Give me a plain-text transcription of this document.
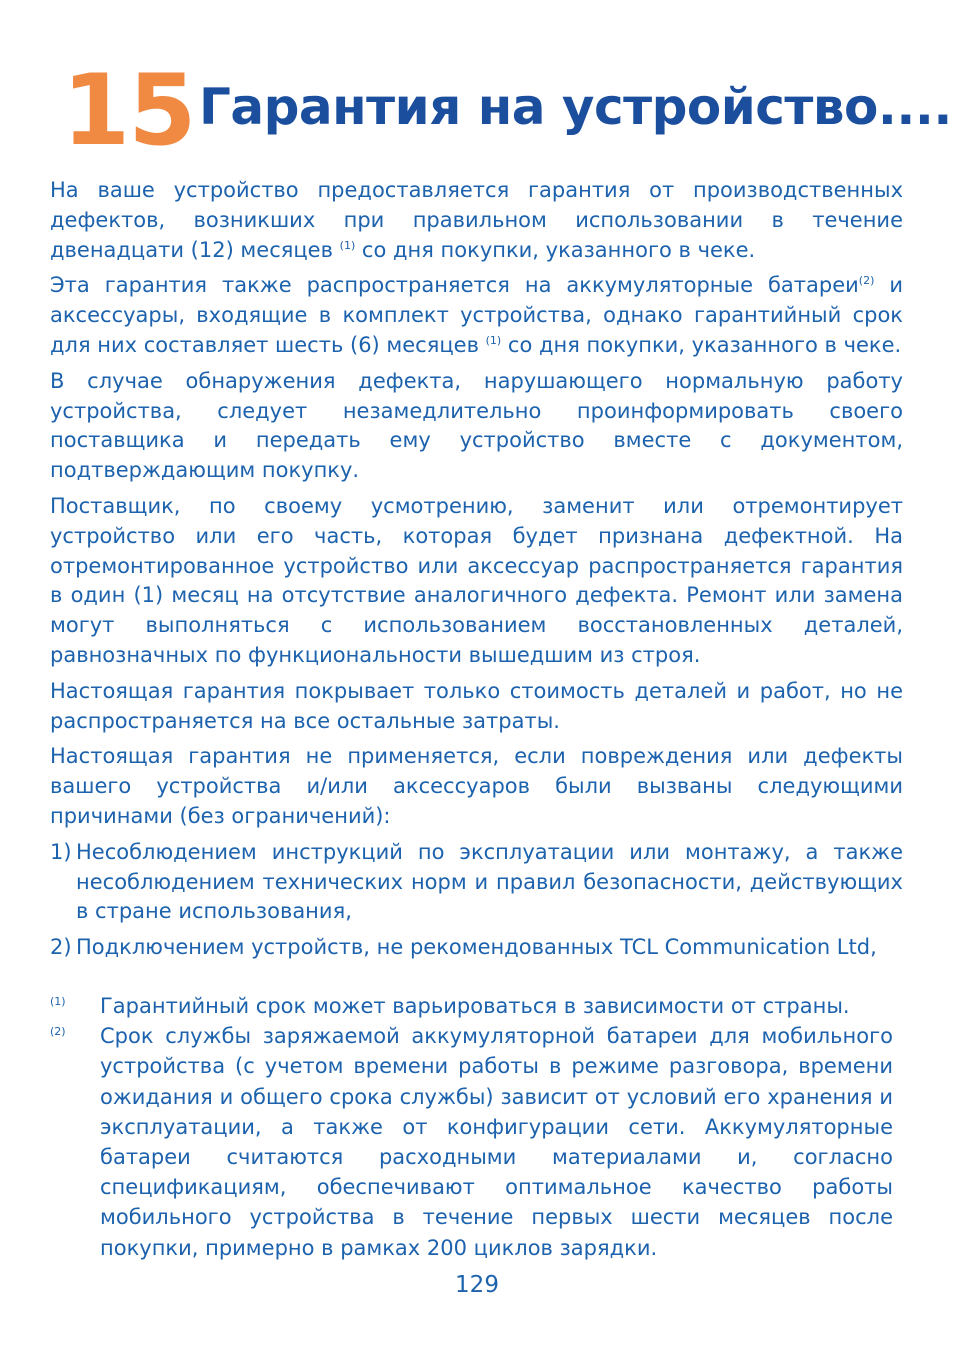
15 Гарантия на устройство....

На ваше устройство предоставляется гарантия от производственных дефектов, возникших при правильном использовании в течение двенадцати (12) месяцев $^{(1)}$ со дня покупки, указанного в чеке.

Эта гарантия также распространяется на аккумуляторные батареи$^{(2)}$ и аксессуары, входящие в комплект устройства, однако гарантийный срок для них составляет шесть (6) месяцев $^{(1)}$ со дня покупки, указанного в чеке.

В случае обнаружения дефекта, нарушающего нормальную работу устройства, следует незамедлительно проинформировать своего поставщика и передать ему устройство вместе с документом, подтверждающим покупку.

Поставщик, по своему усмотрению, заменит или отремонтирует устройство или его часть, которая будет признана дефектной. На отремонтированное устройство или аксессуар распространяется гарантия в один (1) месяц на отсутствие аналогичного дефекта. Ремонт или замена могут выполняться с использованием восстановленных деталей, равнозначных по функциональности вышедшим из строя.

Настоящая гарантия покрывает только стоимость деталей и работ, но не распространяется на все остальные затраты.

Настоящая гарантия не применяется, если повреждения или дефекты вашего устройства и/или аксессуаров были вызваны следующими причинами (без ограничений):

1) Несоблюдением инструкций по эксплуатации или монтажу, а также несоблюдением технических норм и правил безопасности, действующих в стране использования,
2) Подключением устройств, не рекомендованных TCL Communication Ltd,
(1)	Гарантийный срок может варьироваться в зависимости от страны.
(2)	Срок службы заряжаемой аккумуляторной батареи для мобильного устройства (с учетом времени работы в режиме разговора, времени ожидания и общего срока службы) зависит от условий его хранения и эксплуатации, а также от конфигурации сети. Аккумуляторные батареи считаются расходными материалами и, согласно спецификациям, обеспечивают оптимальное качество работы мобильного устройства в течение первых шести месяцев после покупки, примерно в рамках 200 циклов зарядки.
129
